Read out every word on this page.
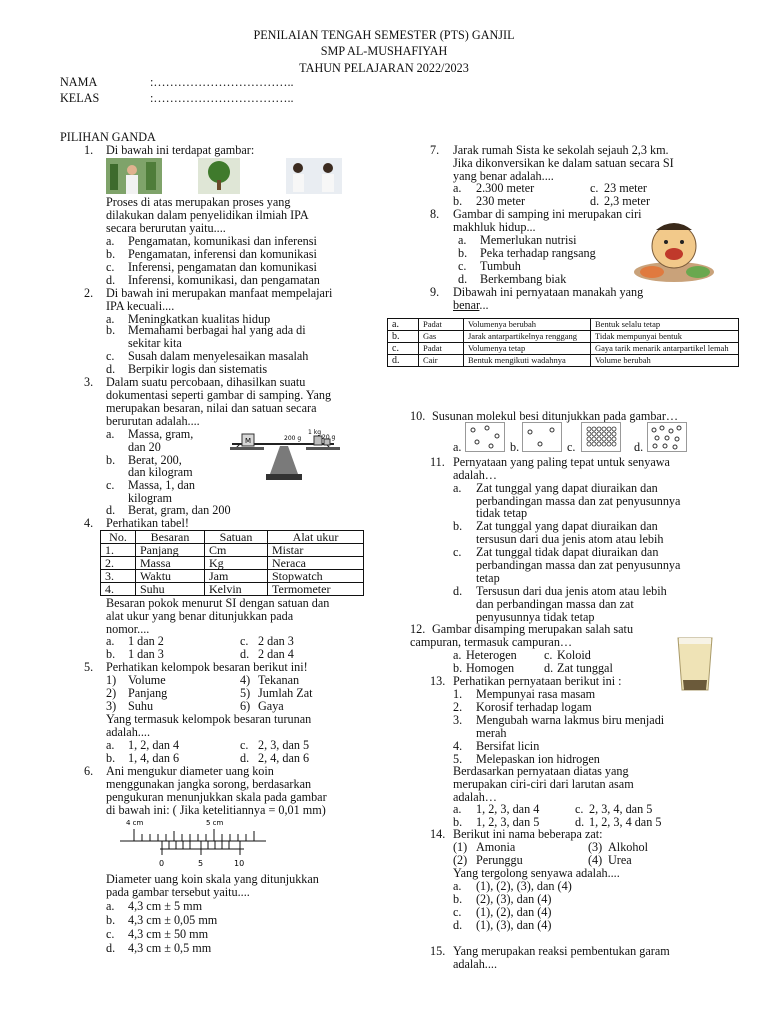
PENILAIAN TENGAH SEMESTER (PTS) GANJIL
SMP AL-MUSHAFIYAH
TAHUN PELAJARAN 2022/2023
NAMA	:……………………………..
KELAS	:……………………………..
PILIHAN GANDA
1. Di bawah ini terdapat gambar:
Proses di atas merupakan proses yang
dilakukan dalam penyelidikan ilmiah IPA
secara berurutan yaitu....
a. Pengamatan, komunikasi dan inferensi
b. Pengamatan, inferensi dan komunikasi
c. Inferensi, pengamatan dan komunikasi
d. Inferensi, komunikasi, dan pengamatan
2. Di bawah ini merupakan manfaat mempelajari
IPA kecuali....
a. Meningkatkan kualitas hidup
b. Memahami berbagai hal yang ada di
sekitar kita
c. Susah dalam menyelesaikan masalah
d. Berpikir logis dan sistematis
3. Dalam suatu percobaan, dihasilkan suatu
dokumentasi seperti gambar di samping. Yang
merupakan besaran, nilai dan satuan secara
berurutan adalah....
a. Massa, gram,
dan 20
b. Berat, 200,
dan kilogram
c. Massa, 1, dan
kilogram
d. Berat, gram, dan 200
M
1 kg
200 g	20 g
4. Perhatikan tabel!
No.	Besaran	Satuan	Alat ukur
1.	Panjang	Cm	Mistar
2.	Massa	Kg	Neraca
3.	Waktu	Jam	Stopwatch
4.	Suhu	Kelvin	Termometer
Besaran pokok menurut SI dengan satuan dan
alat ukur yang benar ditunjukkan pada
nomor....
a. 1 dan 2	c. 2 dan 3
b. 1 dan 3	d. 2 dan 4
5. Perhatikan kelompok besaran berikut ini!
1) Volume	4) Tekanan
2) Panjang	5) Jumlah Zat
3) Suhu	6) Gaya
Yang termasuk kelompok besaran turunan
adalah....
a. 1, 2, dan 4	c. 2, 3, dan 5
b. 1, 4, dan 6	d. 2, 4, dan 6
6. Ani mengukur diameter uang koin
menggunakan jangka sorong, berdasarkan
pengukuran menunjukkan skala pada gambar
di bawah ini: ( Jika ketelitiannya = 0,01 mm)
4 cm	5 cm
0	5	10
Diameter uang koin skala yang ditunjukkan
pada gambar tersebut yaitu....
a. 4,3 cm ± 5 mm
b. 4,3 cm ± 0,05 mm
c. 4,3 cm ± 50 mm
d. 4,3 cm ± 0,5 mm
7. Jarak rumah Sista ke sekolah sejauh 2,3 km.
Jika dikonversikan ke dalam satuan secara SI
yang benar adalah....
a. 2.300 meter	c. 23 meter
b. 230 meter	d. 2,3 meter
8. Gambar di samping ini merupakan ciri
makhluk hidup...
a. Memerlukan nutrisi
b. Peka terhadap rangsang
c. Tumbuh
d. Berkembang biak
9. Dibawah ini pernyataan manakah yang
benar...
a.	Padat	Volumenya berubah	Bentuk selalu tetap
b.	Gas	Jarak antarpartikelnya renggang	Tidak mempunyai bentuk
c.	Padat	Volumenya tetap	Gaya tarik menarik antarpartikel lemah
d.	Cair	Bentuk mengikuti wadahnya	Volume berubah
10. Susunan molekul besi ditunjukkan pada gambar…
a.	b.	c.	d.
11. Pernyataan yang paling tepat untuk senyawa
adalah…
a. Zat tunggal yang dapat diuraikan dan
perbandingan massa dan zat penyusunnya
tidak tetap
b. Zat tunggal yang dapat diuraikan dan
tersusun dari dua jenis atom atau lebih
c. Zat tunggal tidak dapat diuraikan dan
perbandingan massa dan zat penyusunnya
tetap
d. Tersusun dari dua jenis atom atau lebih
dan perbandingan massa dan zat
penyusunnya tidak tetap
12. Gambar disamping merupakan salah satu
campuran, termasuk campuran…
a. Heterogen c. Koloid
b. Homogen d. Zat tunggal
13. Perhatikan pernyataan berikut ini :
1. Mempunyai rasa masam
2. Korosif terhadap logam
3. Mengubah warna lakmus biru menjadi
merah
4. Bersifat licin
5. Melepaskan ion hidrogen
Berdasarkan pernyataan diatas yang
merupakan ciri-ciri dari larutan asam
adalah…
a. 1, 2, 3, dan 4	c. 2, 3, 4, dan 5
b. 1, 2, 3, dan 5	d. 1, 2, 3, 4 dan 5
14. Berikut ini nama beberapa zat:
(1) Amonia	(3) Alkohol
(2) Perunggu	(4) Urea
Yang tergolong senyawa adalah....
a. (1), (2), (3), dan (4)
b. (2), (3), dan (4)
c. (1), (2), dan (4)
d. (1), (3), dan (4)
15. Yang merupakan reaksi pembentukan garam
adalah....
